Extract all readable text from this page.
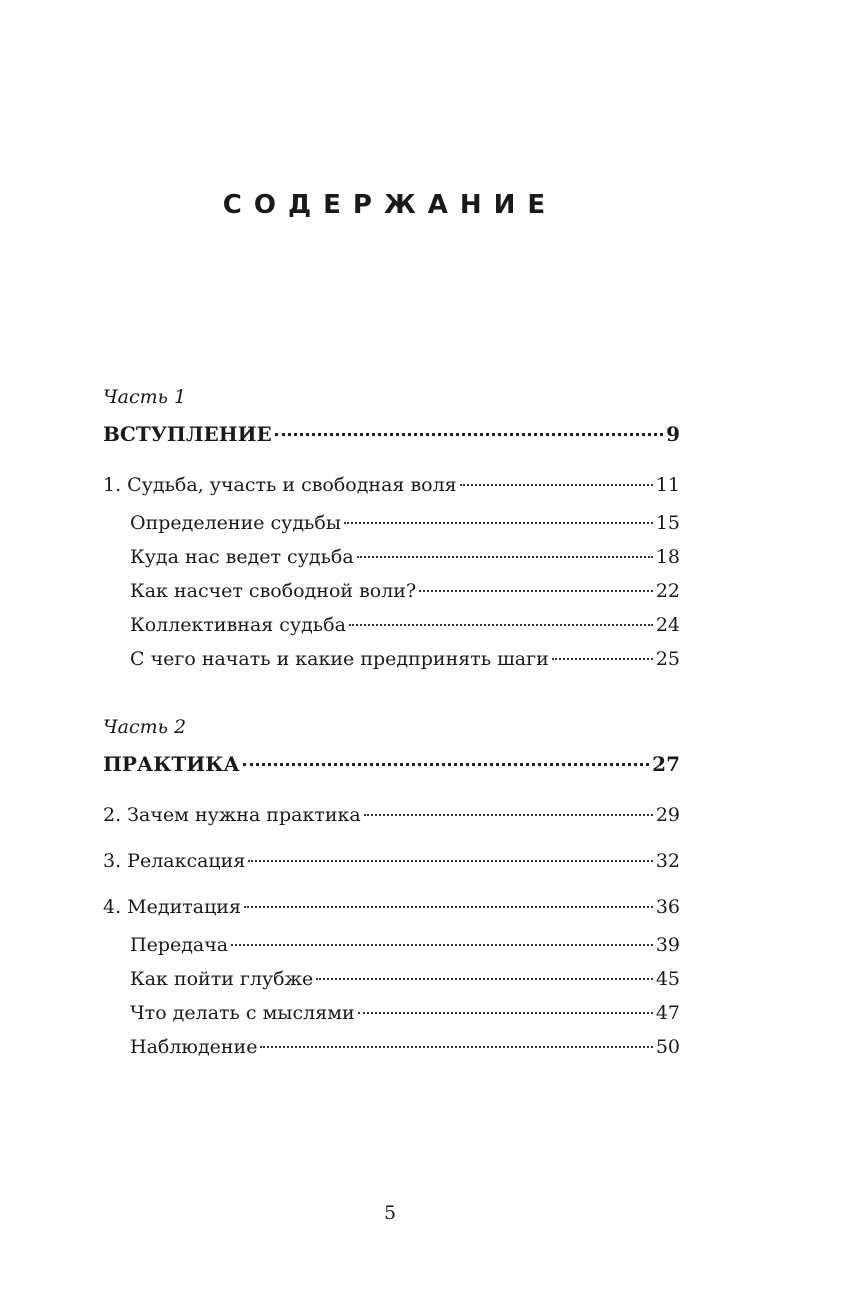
СОДЕРЖАНИЕ
Часть 1
ВСТУПЛЕНИЕ	9
1. Судьба, участь и свободная воля	11
Определение судьбы	15
Куда нас ведет судьба	18
Как насчет свободной воли?	22
Коллективная судьба	24
С чего начать и какие предпринять шаги	25
Часть 2
ПРАКТИКА	27
2. Зачем нужна практика	29
3. Релаксация	32
4. Медитация	36
Передача	39
Как пойти глубже	45
Что делать с мыслями	47
Наблюдение	50
5
